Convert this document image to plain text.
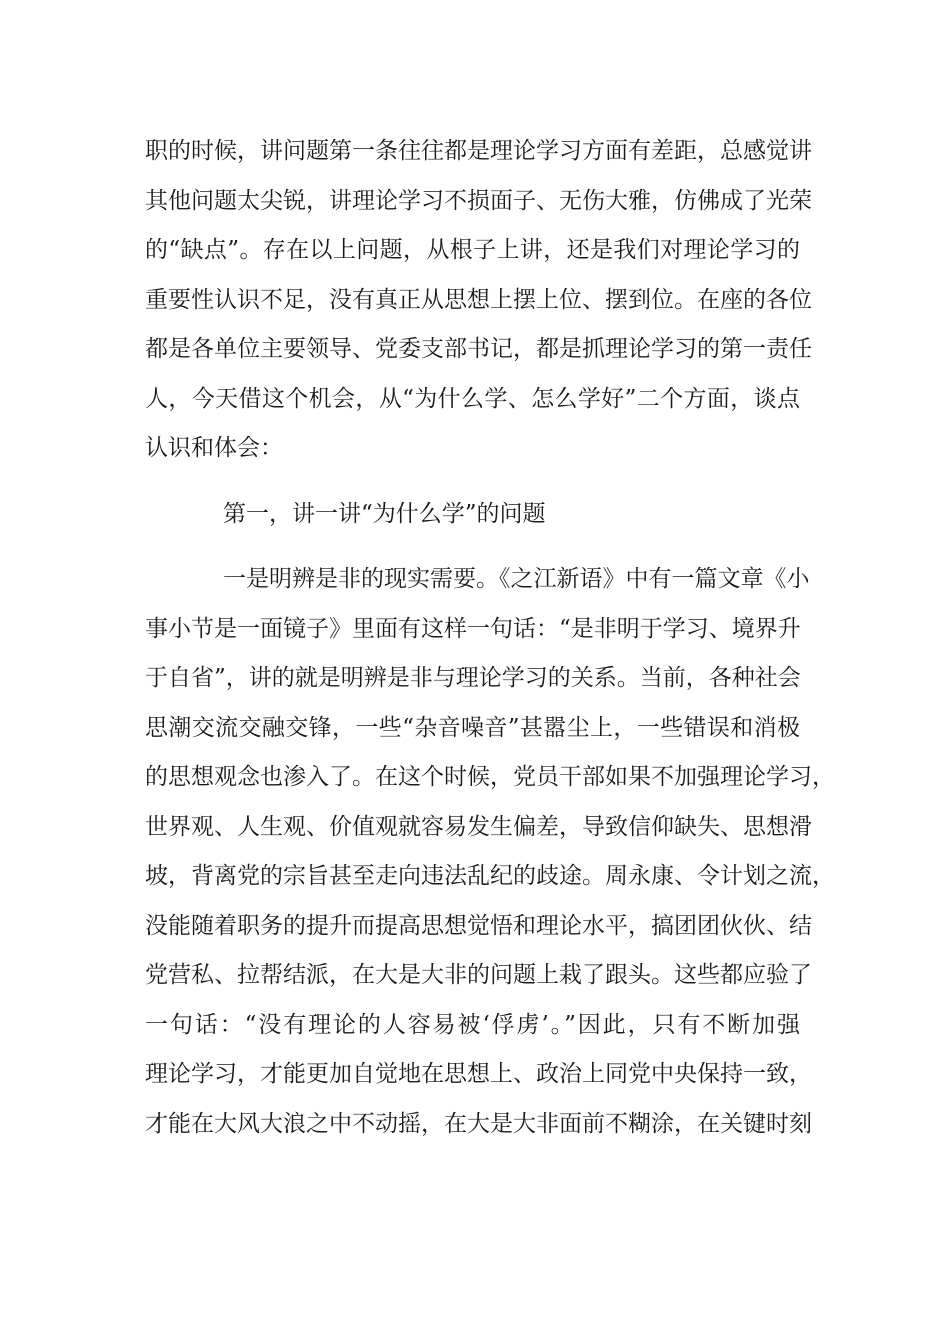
职的时候，讲问题第一条往往都是理论学习方面有差距，总感觉讲
其他问题太尖锐，讲理论学习不损面子、无伤大雅，仿佛成了光荣
的“缺点”。存在以上问题，从根子上讲，还是我们对理论学习的
重要性认识不足，没有真正从思想上摆上位、摆到位。在座的各位
都是各单位主要领导、党委支部书记，都是抓理论学习的第一责任
人，今天借这个机会，从“为什么学、怎么学好”二个方面，谈点
认识和体会：
第一，讲一讲“为什么学”的问题
一是明辨是非的现实需要。《之江新语》中有一篇文章《小
事小节是一面镜子》里面有这样一句话：“是非明于学习、境界升
于自省”，讲的就是明辨是非与理论学习的关系。当前，各种社会
思潮交流交融交锋，一些“杂音噪音”甚嚣尘上，一些错误和消极
的思想观念也渗入了。在这个时候，党员干部如果不加强理论学习，
世界观、人生观、价值观就容易发生偏差，导致信仰缺失、思想滑
坡，背离党的宗旨甚至走向违法乱纪的歧途。周永康、令计划之流，
没能随着职务的提升而提高思想觉悟和理论水平，搞团团伙伙、结
党营私、拉帮结派，在大是大非的问题上栽了跟头。这些都应验了
一句话：“没有理论的人容易被‘俘虏’。”因此，只有不断加强
理论学习，才能更加自觉地在思想上、政治上同党中央保持一致，
才能在大风大浪之中不动摇，在大是大非面前不糊涂，在关键时刻
